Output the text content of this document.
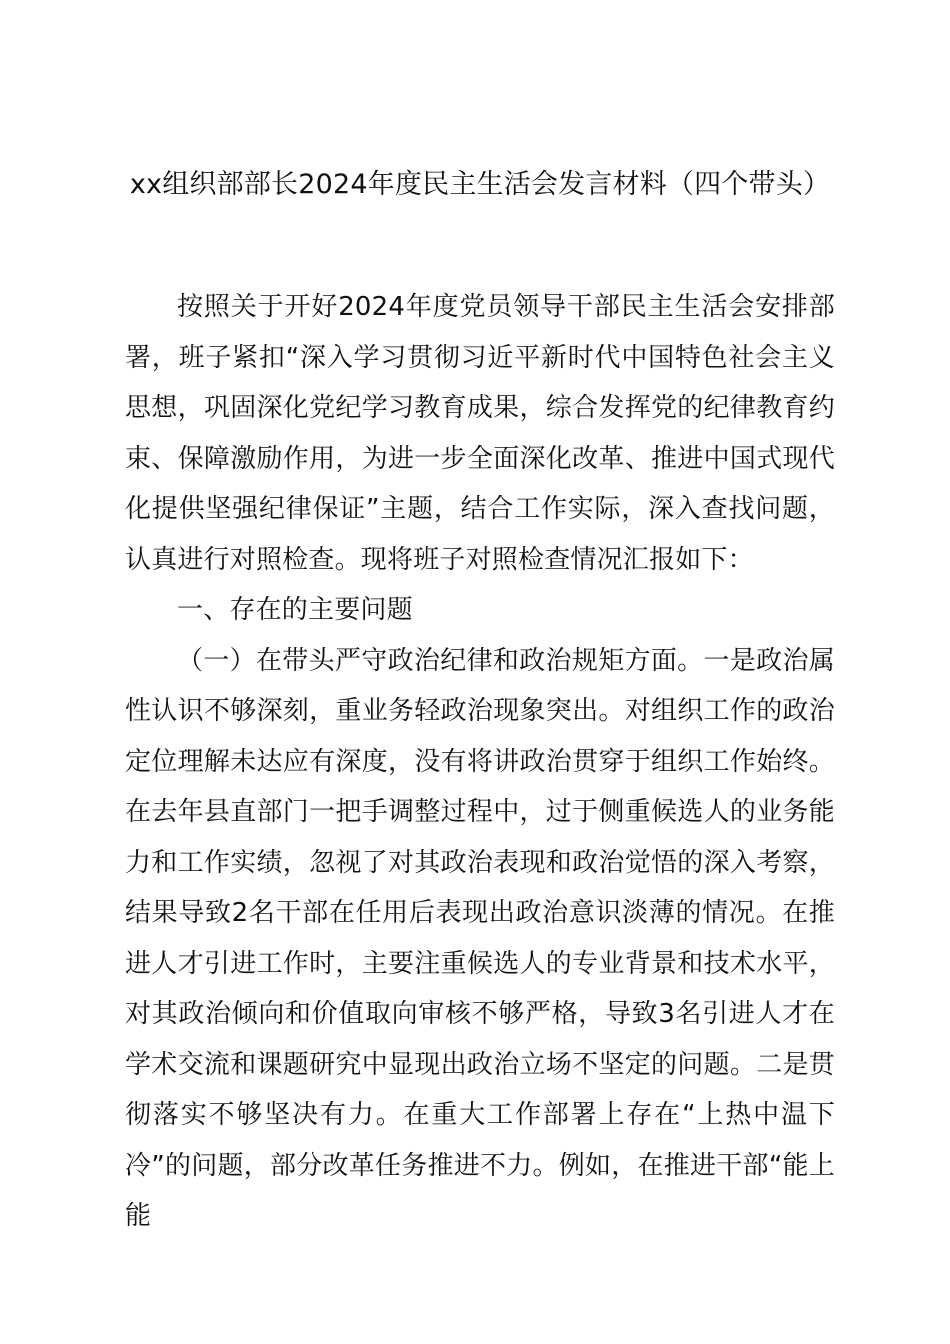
xx组织部部长2024年度民主生活会发言材料（四个带头）

按照关于开好2024年度党员领导干部民主生活会安排部署，班子紧扣“深入学习贯彻习近平新时代中国特色社会主义思想，巩固深化党纪学习教育成果，综合发挥党的纪律教育约束、保障激励作用，为进一步全面深化改革、推进中国式现代化提供坚强纪律保证”主题，结合工作实际，深入查找问题，认真进行对照检查。现将班子对照检查情况汇报如下：

一、存在的主要问题

（一）在带头严守政治纪律和政治规矩方面。一是政治属性认识不够深刻，重业务轻政治现象突出。对组织工作的政治定位理解未达应有深度，没有将讲政治贯穿于组织工作始终。在去年县直部门一把手调整过程中，过于侧重候选人的业务能力和工作实绩，忽视了对其政治表现和政治觉悟的深入考察，结果导致2名干部在任用后表现出政治意识淡薄的情况。在推进人才引进工作时，主要注重候选人的专业背景和技术水平，对其政治倾向和价值取向审核不够严格，导致3名引进人才在学术交流和课题研究中显现出政治立场不坚定的问题。二是贯彻落实不够坚决有力。在重大工作部署上存在“上热中温下冷”的问题，部分改革任务推进不力。例如，在推进干部“能上能
